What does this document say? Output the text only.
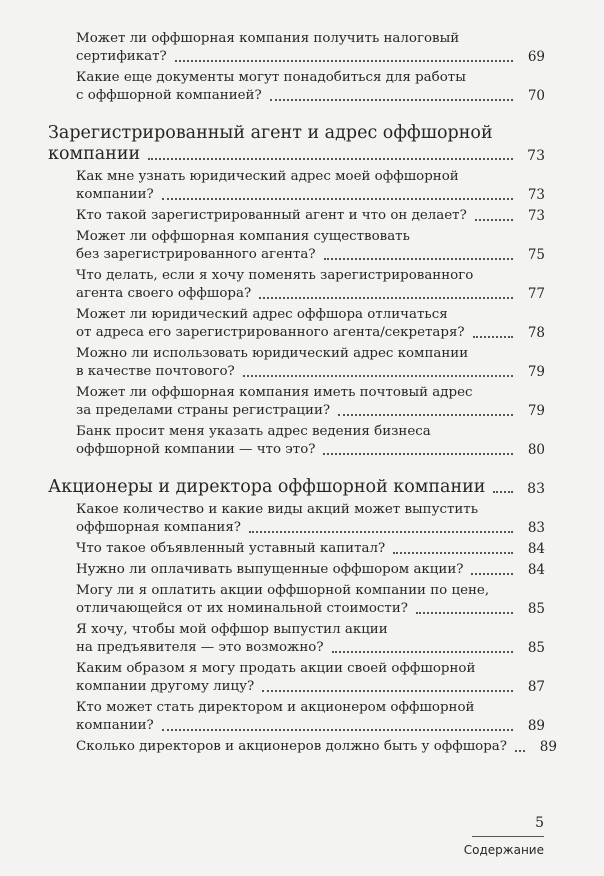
Может ли оффшорная компания получить налоговый
сертификат?	69
Какие еще документы могут понадобиться для работы
с оффшорной компанией?	70
Зарегистрированный агент и адрес оффшорной
компании	73
Как мне узнать юридический адрес моей оффшорной
компании?	73
Кто такой зарегистрированный агент и что он делает?	73
Может ли оффшорная компания существовать
без зарегистрированного агента?	75
Что делать, если я хочу поменять зарегистрированного
агента своего оффшора?	77
Может ли юридический адрес оффшора отличаться
от адреса его зарегистрированного агента/секретаря?	78
Можно ли использовать юридический адрес компании
в качестве почтового?	79
Может ли оффшорная компания иметь почтовый адрес
за пределами страны регистрации?	79
Банк просит меня указать адрес ведения бизнеса
оффшорной компании — что это?	80
Акционеры и директора оффшорной компании	83
Какое количество и какие виды акций может выпустить
оффшорная компания?	83
Что такое объявленный уставный капитал?	84
Нужно ли оплачивать выпущенные оффшором акции?	84
Могу ли я оплатить акции оффшорной компании по цене,
отличающейся от их номинальной стоимости?	85
Я хочу, чтобы мой оффшор выпустил акции
на предъявителя — это возможно?	85
Каким образом я могу продать акции своей оффшорной
компании другому лицу?	87
Кто может стать директором и акционером оффшорной
компании?	89
Сколько директоров и акционеров должно быть у оффшора?	89
5
Содержание
